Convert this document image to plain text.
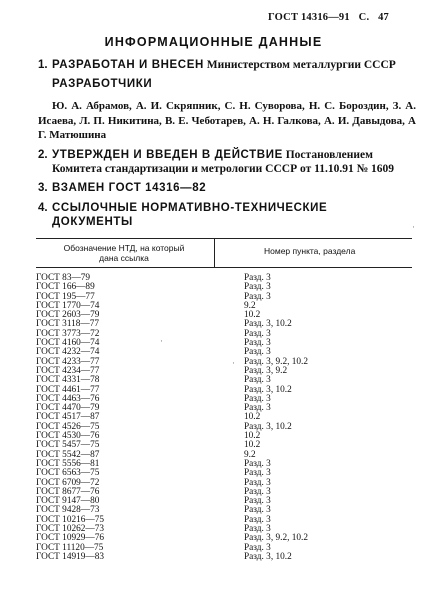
ГОСТ 14316—91 С. 47
ИНФОРМАЦИОННЫЕ ДАННЫЕ
1. РАЗРАБОТАН И ВНЕСЕН Министерством металлургии СССР
РАЗРАБОТЧИКИ
Ю. А. Абрамов, А. И. Скряпник, С. Н. Суворова, Н. С. Бороздин, З. А. Исаева, Л. П. Никитина, В. Е. Чеботарев, А. Н. Галкова, А. И. Давыдова, А Г. Матюшина
2. УТВЕРЖДЕН И ВВЕДЕН В ДЕЙСТВИЕ Постановлением Комитета стандартизации и метрологии СССР от 11.10.91 № 1609
3. ВЗАМЕН ГОСТ 14316—82
4. ССЫЛОЧНЫЕ НОРМАТИВНО-ТЕХНИЧЕСКИЕ ДОКУМЕНТЫ
Обозначение НТД, на который дана ссылка
Номер пункта, раздела
ГОСТ 83—79	Разд. 3
ГОСТ 166—89	Разд. 3
ГОСТ 195—77	Разд. 3
ГОСТ 1770—74	9.2
ГОСТ 2603—79	10.2
ГОСТ 3118—77	Разд. 3, 10.2
ГОСТ 3773—72	Разд. 3
ГОСТ 4160—74	Разд. 3
ГОСТ 4232—74	Разд. 3
ГОСТ 4233—77	Разд. 3, 9.2, 10.2
ГОСТ 4234—77	Разд. 3, 9.2
ГОСТ 4331—78	Разд. 3
ГОСТ 4461—77	Разд. 3, 10.2
ГОСТ 4463—76	Разд. 3
ГОСТ 4470—79	Разд. 3
ГОСТ 4517—87	10.2
ГОСТ 4526—75	Разд. 3, 10.2
ГОСТ 4530—76	10.2
ГОСТ 5457—75	10.2
ГОСТ 5542—87	9.2
ГОСТ 5556—81	Разд. 3
ГОСТ 6563—75	Разд. 3
ГОСТ 6709—72	Разд. 3
ГОСТ 8677—76	Разд. 3
ГОСТ 9147—80	Разд. 3
ГОСТ 9428—73	Разд. 3
ГОСТ 10216—75	Разд. 3
ГОСТ 10262—73	Разд. 3
ГОСТ 10929—76	Разд. 3, 9.2, 10.2
ГОСТ 11120—75	Разд. 3
ГОСТ 14919—83	Разд. 3, 10.2
·
·
·
